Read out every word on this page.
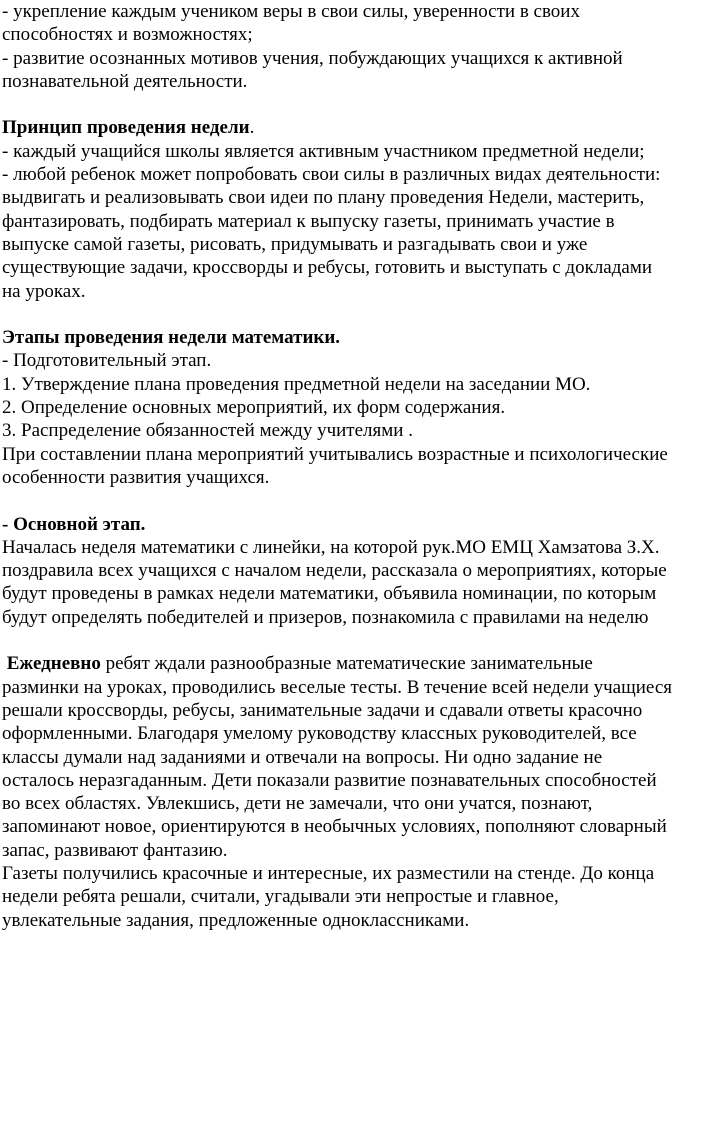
- укрепление каждым учеником веры в свои силы, уверенности в своих
способностях и возможностях;
- развитие осознанных мотивов учения, побуждающих учащихся к активной
познавательной деятельности.
Принцип проведения недели.
- каждый учащийся школы является активным участником предметной недели;
- любой ребенок может попробовать свои силы в различных видах деятельности:
выдвигать и реализовывать свои идеи по плану проведения Недели, мастерить,
фантазировать, подбирать материал к выпуску газеты, принимать участие в
выпуске самой газеты, рисовать, придумывать и разгадывать свои и уже
существующие задачи, кроссворды и ребусы, готовить и выступать с докладами
на уроках.
Этапы проведения недели математики.
- Подготовительный этап.
1. Утверждение плана проведения предметной недели на заседании МО.
2. Определение основных мероприятий, их форм содержания.
3. Распределение обязанностей между учителями .
При составлении плана мероприятий учитывались возрастные и психологические
особенности развития учащихся.
- Основной этап.
Началась неделя математики с линейки, на которой рук.МО ЕМЦ Хамзатова З.Х.
поздравила всех учащихся с началом недели, рассказала о мероприятиях, которые
будут проведены в рамках недели математики, объявила номинации, по которым
будут определять победителей и призеров, познакомила с правилами на неделю
Ежедневно ребят ждали разнообразные математические занимательные
разминки на уроках, проводились веселые тесты. В течение всей недели учащиеся
решали кроссворды, ребусы, занимательные задачи и сдавали ответы красочно
оформленными. Благодаря умелому руководству классных руководителей, все
классы думали над заданиями и отвечали на вопросы. Ни одно задание не
осталось неразгаданным. Дети показали развитие познавательных способностей
во всех областях. Увлекшись, дети не замечали, что они учатся, познают,
запоминают новое, ориентируются в необычных условиях, пополняют словарный
запас, развивают фантазию.
Газеты получились красочные и интересные, их разместили на стенде. До конца
недели ребята решали, считали, угадывали эти непростые и главное,
увлекательные задания, предложенные одноклассниками.
